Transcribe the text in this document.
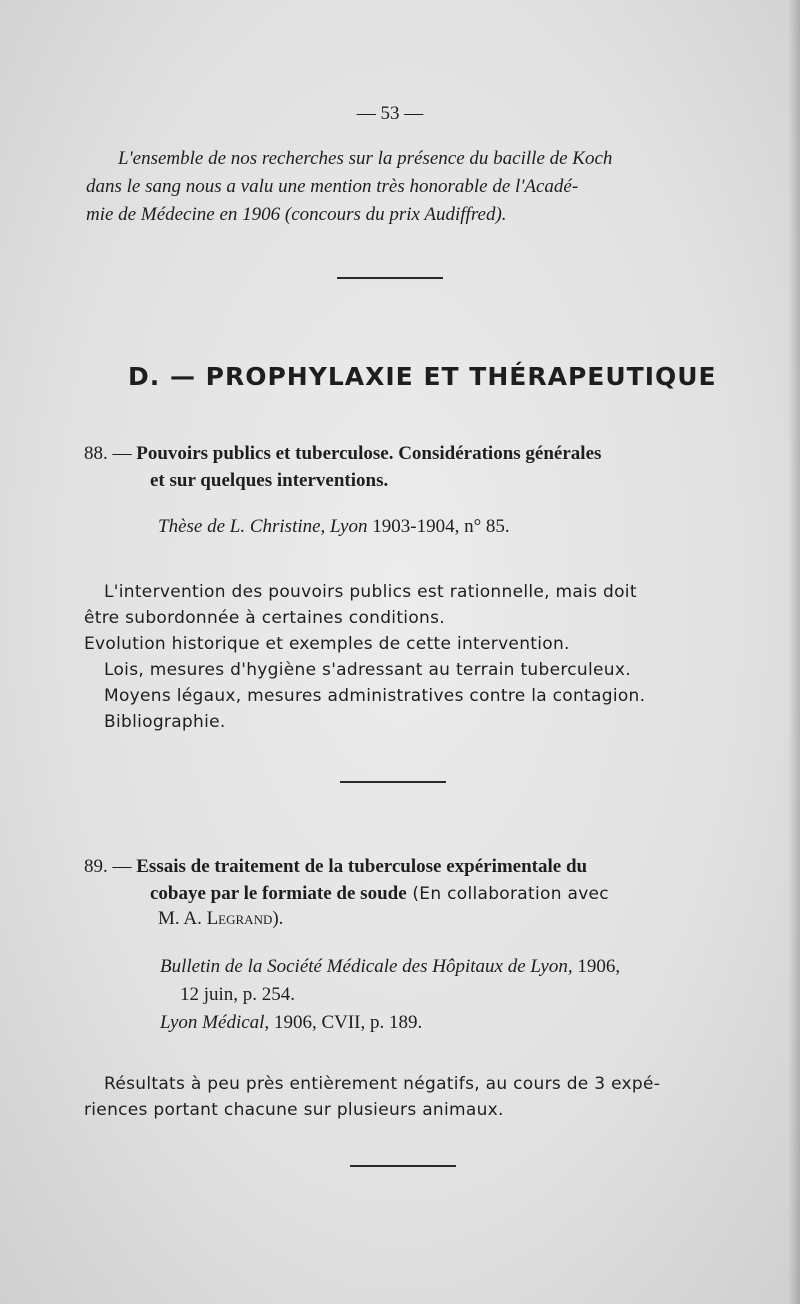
— 53 —
L'ensemble de nos recherches sur la présence du bacille de Koch
dans le sang nous a valu une mention très honorable de l'Acadé-
mie de Médecine en 1906 (concours du prix Audiffred).
D. — PROPHYLAXIE ET THÉRAPEUTIQUE
88. — Pouvoirs publics et tuberculose. Considérations générales
et sur quelques interventions.
Thèse de L. Christine, Lyon 1903-1904, n° 85.
L'intervention des pouvoirs publics est rationnelle, mais doit
être subordonnée à certaines conditions.
Evolution historique et exemples de cette intervention.
Lois, mesures d'hygiène s'adressant au terrain tuberculeux.
Moyens légaux, mesures administratives contre la contagion.
Bibliographie.
89. — Essais de traitement de la tuberculose expérimentale du
cobaye par le formiate de soude (En collaboration avec
M. A. Legrand).
Bulletin de la Société Médicale des Hôpitaux de Lyon, 1906,
12 juin, p. 254.
Lyon Médical, 1906, CVII, p. 189.
Résultats à peu près entièrement négatifs, au cours de 3 expé-
riences portant chacune sur plusieurs animaux.
